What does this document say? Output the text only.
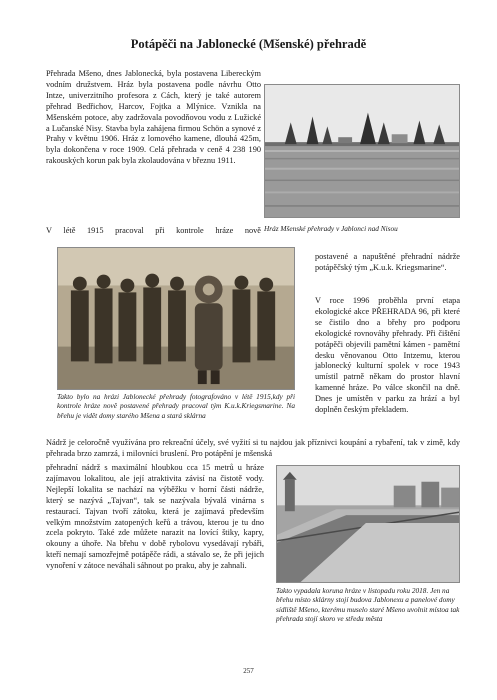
Potápěči na Jablonecké (Mšenské) přehradě

Přehrada Mšeno, dnes Jablonecká, byla postavena Libereckým vodním družstvem. Hráz byla postavena podle návrhu Otto Intze, univerzitního profesora z Cách, který je také autorem přehrad Bedřichov, Harcov, Fojtka a Mlýnice. Vznikla na Mšenském potoce, aby zadržovala povodňovou vodu z Lužické a Lučanské Nisy. Stavba byla zahájena firmou Schön a synové z Prahy v květnu 1906. Hráz z lomového kamene, dlouhá 425m, byla dokončena v roce 1909. Celá přehrada v ceně 4 238 190 rakouských korun pak byla zkolaudována v březnu 1911.

V létě 1915 pracoval při kontrole hráze nově

postavené a napuštěné přehradní nádrže potápěčský tým „K.u.k. Kriegsmarine“.

V roce 1996 proběhla první etapa ekologické akce PŘEHRADA 96, při které se čistilo dno a břehy pro podporu ekologické rovnováhy přehrady. Při čištění potápěči objevili pamětní kámen - pamětní desku věnovanou Otto Intzemu, kterou jablonecký kulturní spolek v roce 1943 umístil patrně někam do prostor hlavní kamenné hráze. Po válce skončil na dně. Dnes je umístěn v parku za hrází a byl doplněn českým překladem.

Nádrž je celoročně využívána pro rekreační účely, své vyžití si tu najdou jak příznivci koupání a rybaření, tak v zimě, kdy přehrada brzo zamrzá, i milovníci bruslení. Pro potápění je mšenská

přehradní nádrž s maximální hloubkou cca 15 metrů u hráze zajímavou lokalitou, ale její atraktivita závisí na čistotě vody. Nejlepší lokalita se nachází na výběžku v horní části nádrže, který se nazývá „Tajvan“, tak se nazývala bývalá vinárna s restaurací. Tajvan tvoří zátoku, která je zajímavá především velkým množstvím zatopených keřů a trávou, kterou je tu dno zcela pokryto. Také zde můžete narazit na lovící štiky, kapry, okouny a úhoře. Na břehu v době rybolovu vysedávají rybáři, kteří nemají samozřejmě potápěče rádi, a stávalo se, že při jejich vynoření v zátoce neváhali sáhnout po praku, aby je zahnali.

Hráz Mšenské přehrady v Jablonci nad Nisou

Takto bylo na hrázi Jablonecké přehrady fotografováno v létě 1915,kdy při kontrole hráze nově postavené přehrady pracoval tým K.u.k.Kriegsmarine. Na břehu je vidět domy starého Mšena a stará sklárna

Takto vypadala koruna hráze v listopadu roku 2018. Jen na břehu místo sklárny stojí budova Jablonexu a panelové domy sídliště Mšeno, kterému muselo staré Mšeno uvolnit místoa tak přehrada stojí skoro ve středu města

257
